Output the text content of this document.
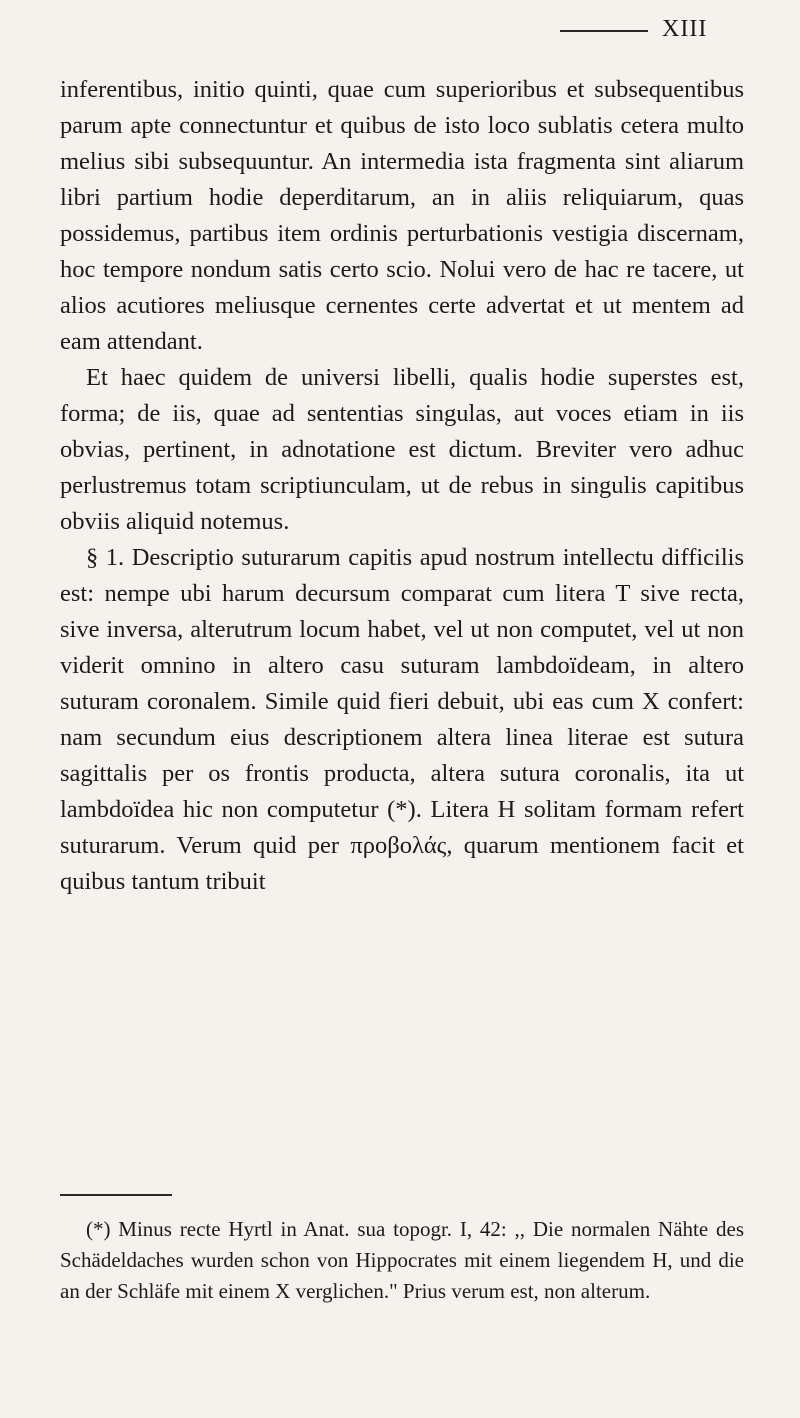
XIII

inferentibus, initio quinti, quae cum superioribus et subsequentibus parum apte connectuntur et quibus de isto loco sublatis cetera multo melius sibi subsequuntur. An intermedia ista fragmenta sint aliarum libri partium hodie deperditarum, an in aliis reliquiarum, quas possidemus, partibus item ordinis perturbationis vestigia discernam, hoc tempore nondum satis certo scio. Nolui vero de hac re tacere, ut alios acutiores meliusque cernentes certe advertat et ut mentem ad eam attendant.

Et haec quidem de universi libelli, qualis hodie superstes est, forma; de iis, quae ad sententias singulas, aut voces etiam in iis obvias, pertinent, in adnotatione est dictum. Breviter vero adhuc perlustremus totam scriptiunculam, ut de rebus in singulis capitibus obviis aliquid notemus.

§ 1. Descriptio suturarum capitis apud nostrum intellectu difficilis est: nempe ubi harum decursum comparat cum litera T sive recta, sive inversa, alterutrum locum habet, vel ut non computet, vel ut non viderit omnino in altero casu suturam lambdoïdeam, in altero suturam coronalem. Simile quid fieri debuit, ubi eas cum X confert: nam secundum eius descriptionem altera linea literae est sutura sagittalis per os frontis producta, altera sutura coronalis, ita ut lambdoïdea hic non computetur (*). Litera H solitam formam refert suturarum. Verum quid per προβολάς, quarum mentionem facit et quibus tantum tribuit

(*) Minus recte Hyrtl in Anat. sua topogr. I, 42: ,, Die normalen Nähte des Schädeldaches wurden schon von Hippocrates mit einem liegendem H, und die an der Schläfe mit einem X verglichen." Prius verum est, non alterum.
